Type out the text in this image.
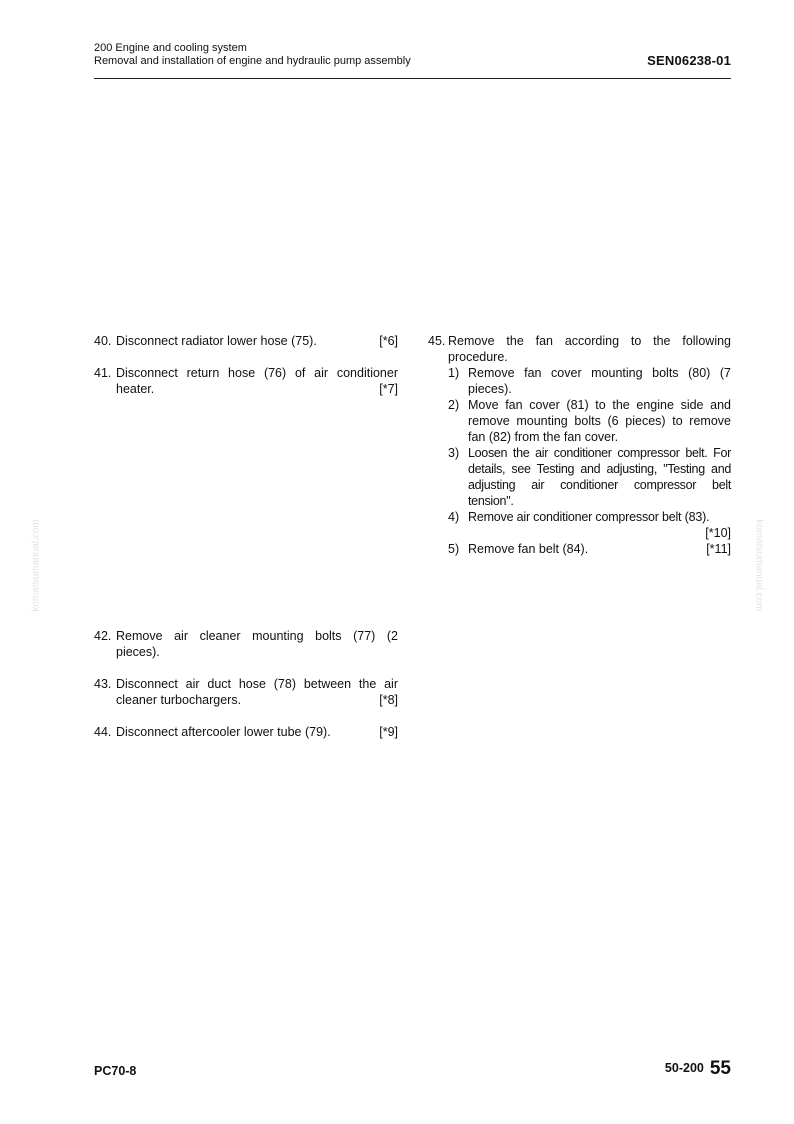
200 Engine and cooling system
Removal and installation of engine and hydraulic pump assembly	SEN06238-01
komatsumanual.com	komatsumanual.com
40. Disconnect radiator lower hose (75).	[*6]
41. Disconnect return hose (76) of air conditioner
heater.	[*7]
42. Remove air cleaner mounting bolts (77) (2
pieces).
43. Disconnect air duct hose (78) between the air
cleaner turbochargers.	[*8]
44. Disconnect aftercooler lower tube (79).	[*9]
45. Remove the fan according to the following
procedure.
1) Remove fan cover mounting bolts (80) (7
pieces).
2) Move fan cover (81) to the engine side and
remove mounting bolts (6 pieces) to remove
fan (82) from the fan cover.
3) Loosen the air conditioner compressor belt. For
details, see Testing and adjusting, "Testing and
adjusting air conditioner compressor belt
tension".
4) Remove air conditioner compressor belt (83).
[*10]
5) Remove fan belt (84).	[*11]
PC70-8	50-200 55
